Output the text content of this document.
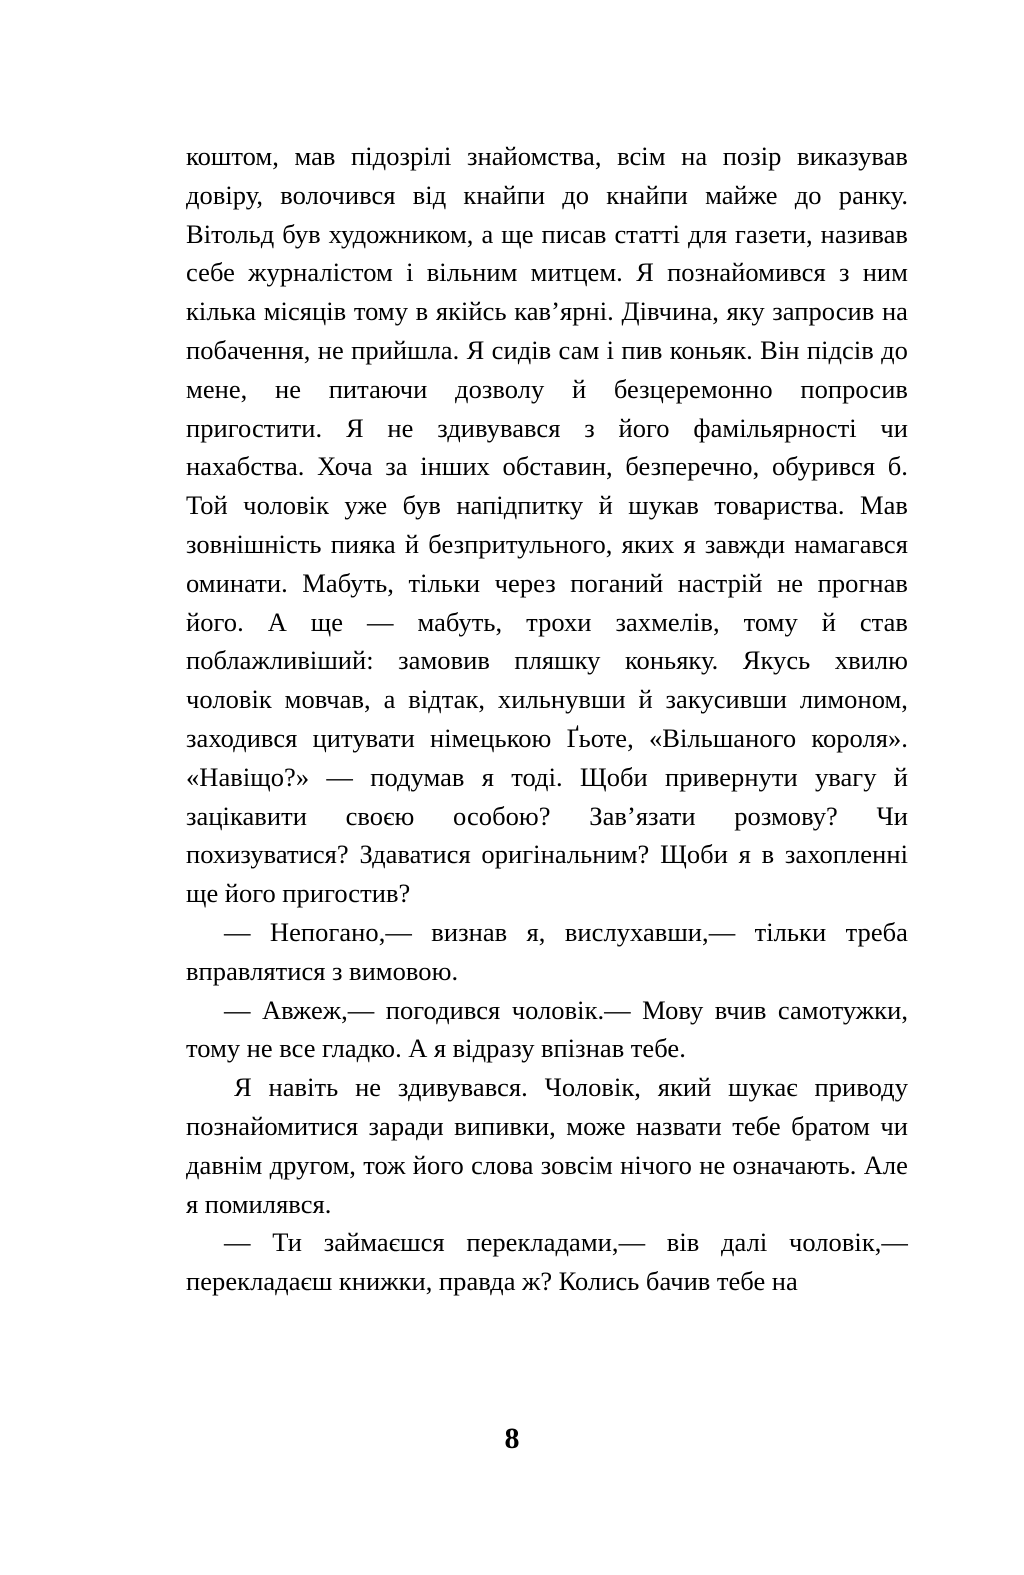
коштом, мав підозрілі знайомства, всім на позір виказував довіру, волочився від кнайпи до кнайпи майже до ранку. Вітольд був художником, а ще писав статті для газети, називав себе журналістом і вільним митцем. Я познайомився з ним кілька місяців тому в якійсь кав’ярні. Дівчина, яку запросив на побачення, не прийшла. Я сидів сам і пив коньяк. Він підсів до мене, не питаючи дозволу й безцеремонно попросив пригостити. Я не здивувався з його фамільярності чи нахабства. Хоча за інших обставин, безперечно, обурився б. Той чоловік уже був напідпитку й шукав товариства. Мав зовнішність пияка й безпритульного, яких я завжди намагався оминати. Мабуть, тільки через поганий настрій не прогнав його. А ще — мабуть, трохи захмелів, тому й став поблажливіший: замовив пляшку коньяку. Якусь хвилю чоловік мовчав, а відтак, хильнувши й закусивши лимоном, заходився цитувати німецькою Ґьоте, «Вільшаного короля». «Навіщо?» — подумав я тоді. Щоби привернути увагу й зацікавити своєю особою? Зав’язати розмову? Чи похизуватися? Здаватися оригінальним? Щоби я в захопленні ще його пригостив?

— Непогано,— визнав я, вислухавши,— тільки треба вправлятися з вимовою.

— Авжеж,— погодився чоловік.— Мову вчив самотужки, тому не все гладко. А я відразу впізнав тебе.

Я навіть не здивувався. Чоловік, який шукає приводу познайомитися заради випивки, може назвати тебе братом чи давнім другом, тож його слова зовсім нічого не означають. Але я помилявся.

— Ти займаєшся перекладами,— вів далі чоловік,— перекладаєш книжки, правда ж? Колись бачив тебе на

8
